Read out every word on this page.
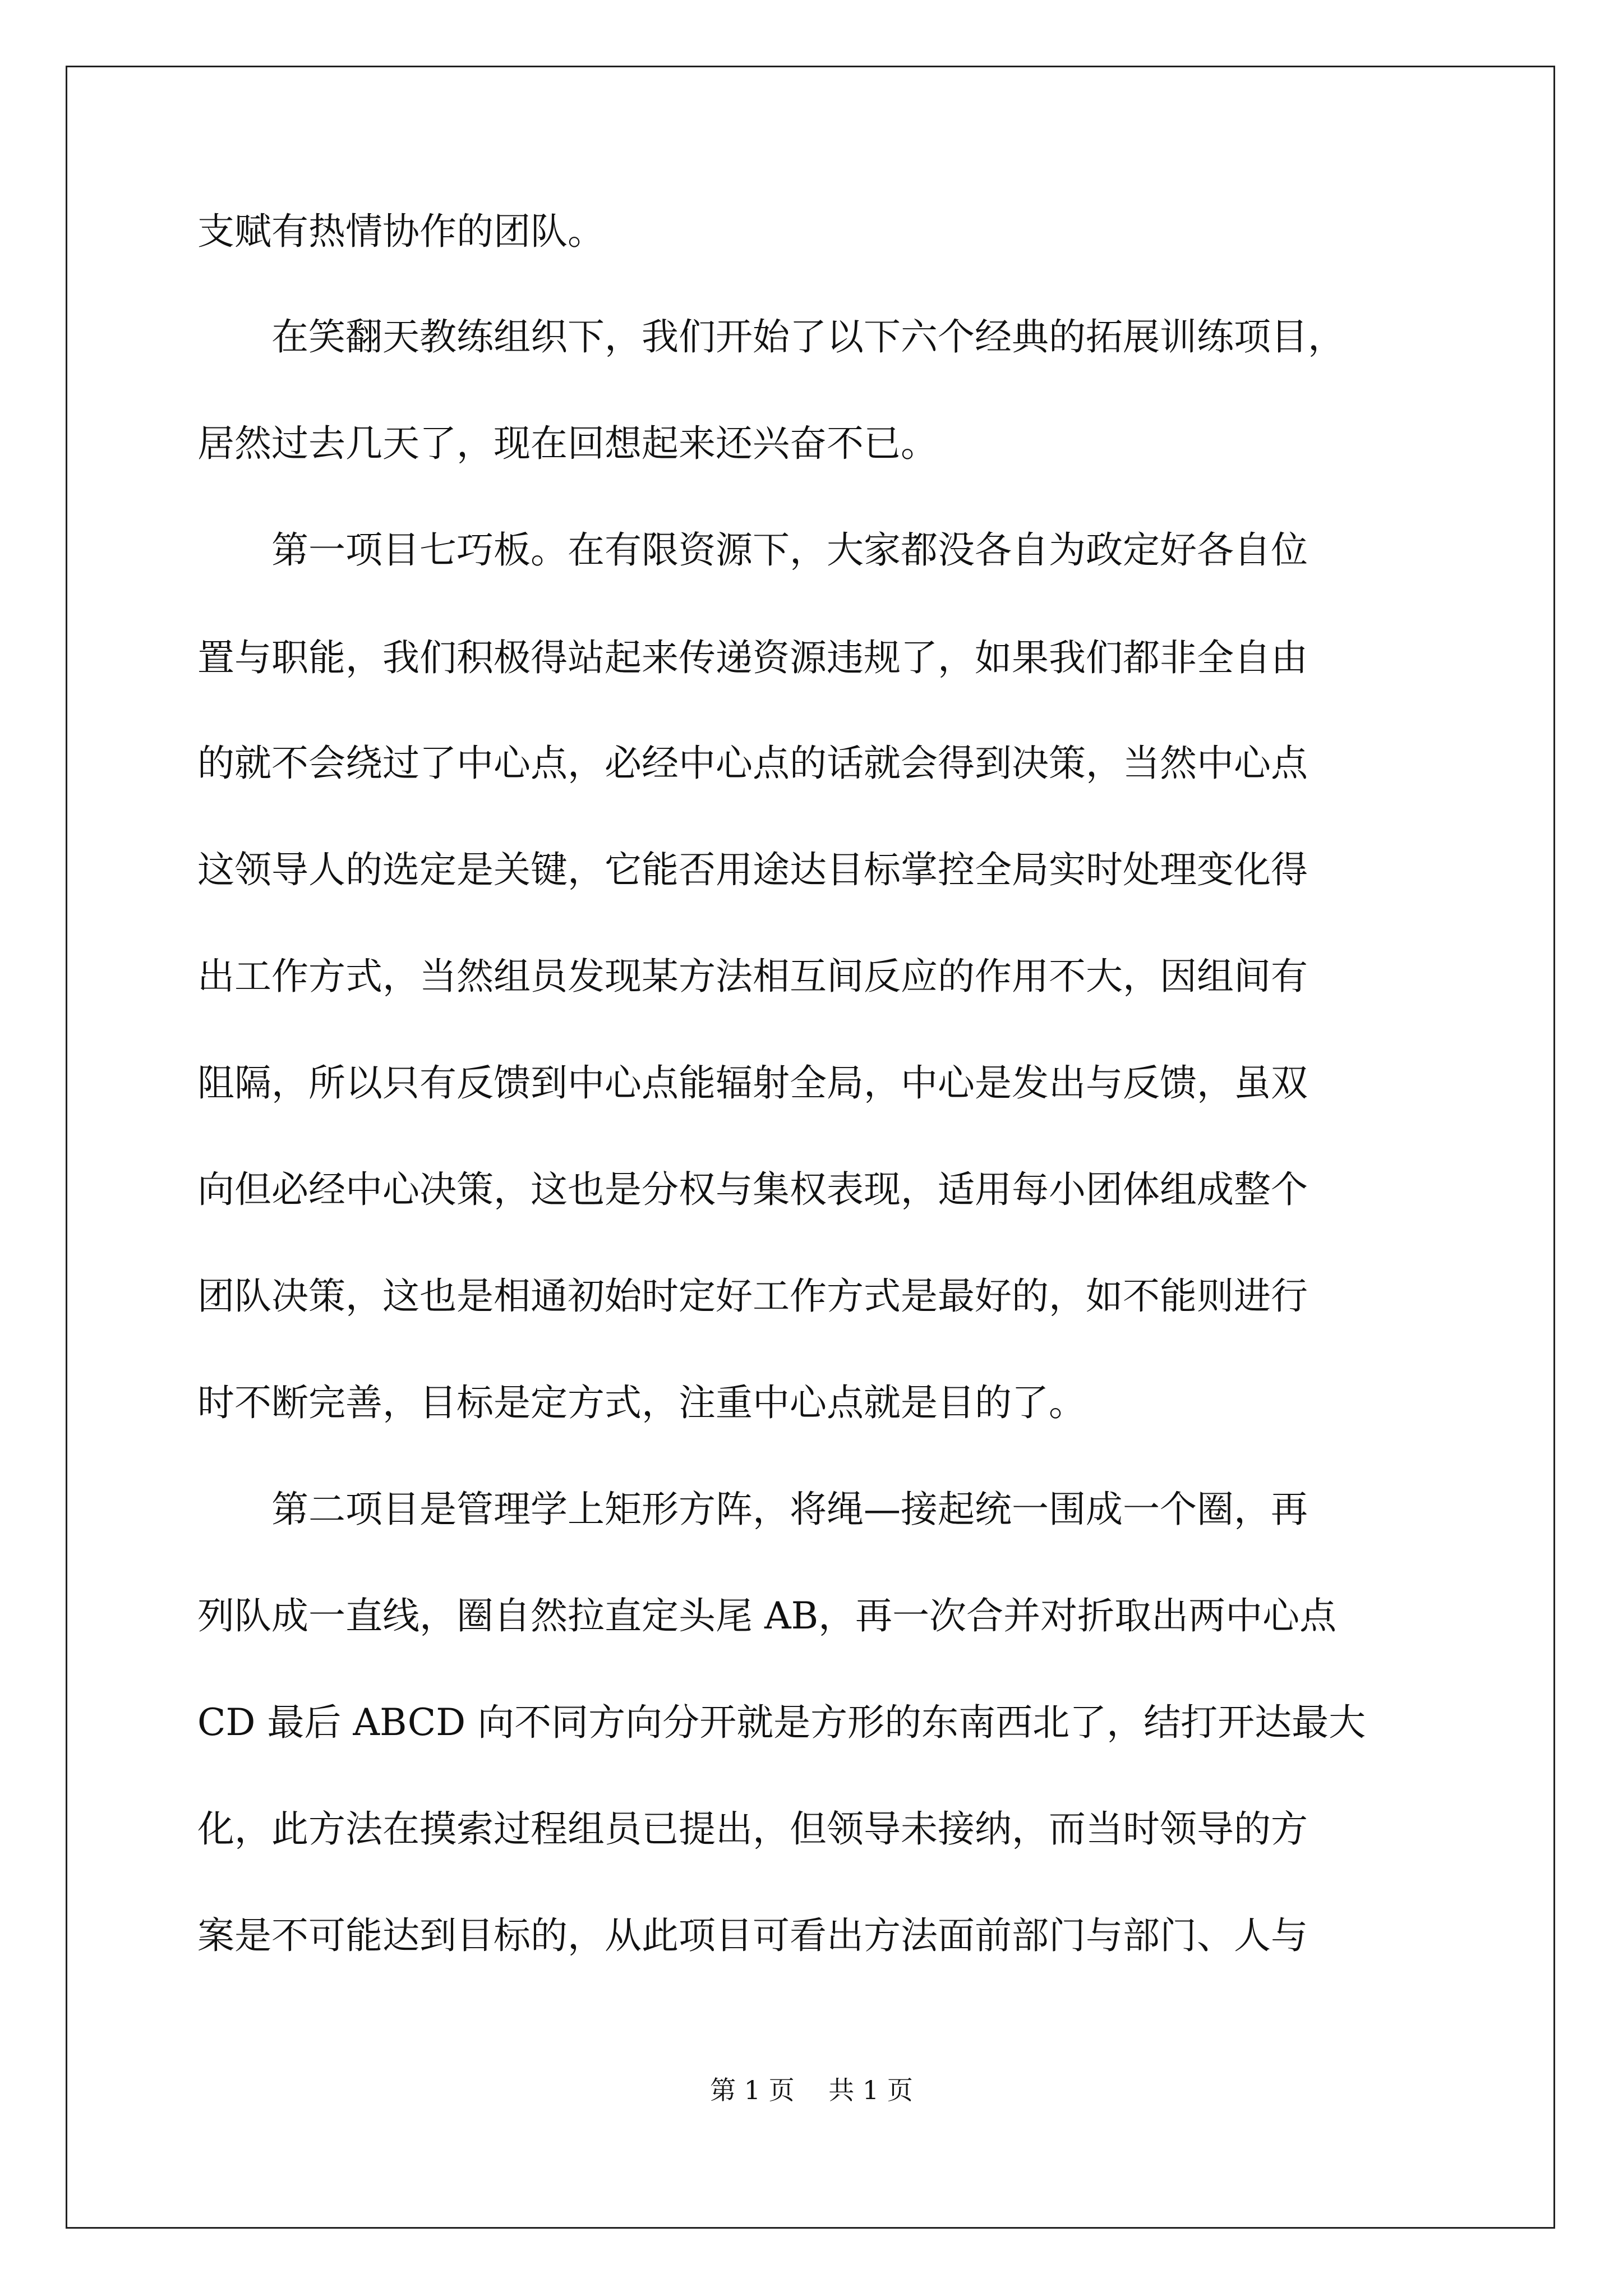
支赋有热情协作的团队。
　　在笑翻天教练组织下，我们开始了以下六个经典的拓展训练项目，
居然过去几天了，现在回想起来还兴奋不已。
　　第一项目七巧板。在有限资源下，大家都没各自为政定好各自位
置与职能，我们积极得站起来传递资源违规了，如果我们都非全自由
的就不会绕过了中心点，必经中心点的话就会得到决策，当然中心点
这领导人的选定是关键，它能否用途达目标掌控全局实时处理变化得
出工作方式，当然组员发现某方法相互间反应的作用不大，因组间有
阻隔，所以只有反馈到中心点能辐射全局，中心是发出与反馈，虽双
向但必经中心决策，这也是分权与集权表现，适用每小团体组成整个
团队决策，这也是相通初始时定好工作方式是最好的，如不能则进行
时不断完善，目标是定方式，注重中心点就是目的了。
　　第二项目是管理学上矩形方阵，将绳—接起统一围成一个圈，再
列队成一直线，圈自然拉直定头尾 AB，再一次合并对折取出两中心点
CD 最后 ABCD 向不同方向分开就是方形的东南西北了，结打开达最大
化，此方法在摸索过程组员已提出，但领导未接纳，而当时领导的方
案是不可能达到目标的，从此项目可看出方法面前部门与部门、人与
第 1 页　 共 1 页
